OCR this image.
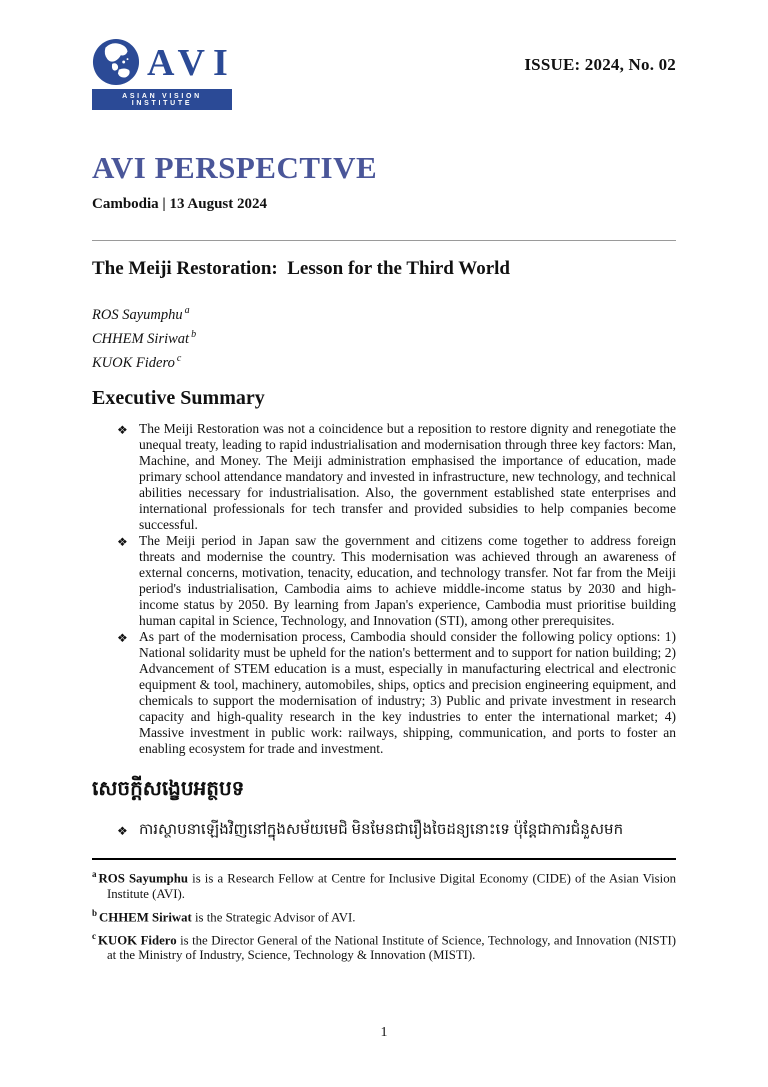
AVI
ASIAN VISION INSTITUTE
ISSUE: 2024, No. 02
AVI PERSPECTIVE
Cambodia | 13 August 2024
The Meiji Restoration:  Lesson for the Third World
ROS Sayumphu $^a$
CHHEM Siriwat $^b$
KUOK Fidero $^c$
Executive Summary
❖ The Meiji Restoration was not a coincidence but a reposition to restore dignity and renegotiate the unequal treaty, leading to rapid industrialisation and modernisation through three key factors: Man, Machine, and Money. The Meiji administration emphasised the importance of education, made primary school attendance mandatory and invested in infrastructure, new technology, and technical abilities necessary for industrialisation. Also, the government established state enterprises and international professionals for tech transfer and provided subsidies to help companies become successful.
❖ The Meiji period in Japan saw the government and citizens come together to address foreign threats and modernise the country. This modernisation was achieved through an awareness of external concerns, motivation, tenacity, education, and technology transfer. Not far from the Meiji period's industrialisation, Cambodia aims to achieve middle-income status by 2030 and high-income status by 2050. By learning from Japan's experience, Cambodia must prioritise building human capital in Science, Technology, and Innovation (STI), among other prerequisites.
❖ As part of the modernisation process, Cambodia should consider the following policy options: 1) National solidarity must be upheld for the nation's betterment and to support for nation building; 2) Advancement of STEM education is a must, especially in manufacturing electrical and electronic equipment & tool, machinery, automobiles, ships, optics and precision engineering equipment, and chemicals to support the modernisation of industry; 3) Public and private investment in research capacity and high-quality research in the key industries to enter the international market; 4) Massive investment in public work: railways, shipping, communication, and ports to foster an enabling ecosystem for trade and investment.
សេចក្តីសង្ខេបអត្ថបទ
❖ ការស្ថាបនាឡើងវិញនៅក្នុងសម័យមេជិ មិនមែនជារឿងចៃដន្យនោះទេ ប៉ុន្តែជាការជំនួសមក
$^a$ ROS Sayumphu is is a Research Fellow at Centre for Inclusive Digital Economy (CIDE) of the Asian Vision Institute (AVI).
$^b$ CHHEM Siriwat is the Strategic Advisor of AVI.
$^c$ KUOK Fidero is the Director General of the National Institute of Science, Technology, and Innovation (NISTI) at the Ministry of Industry, Science, Technology & Innovation (MISTI).
1
